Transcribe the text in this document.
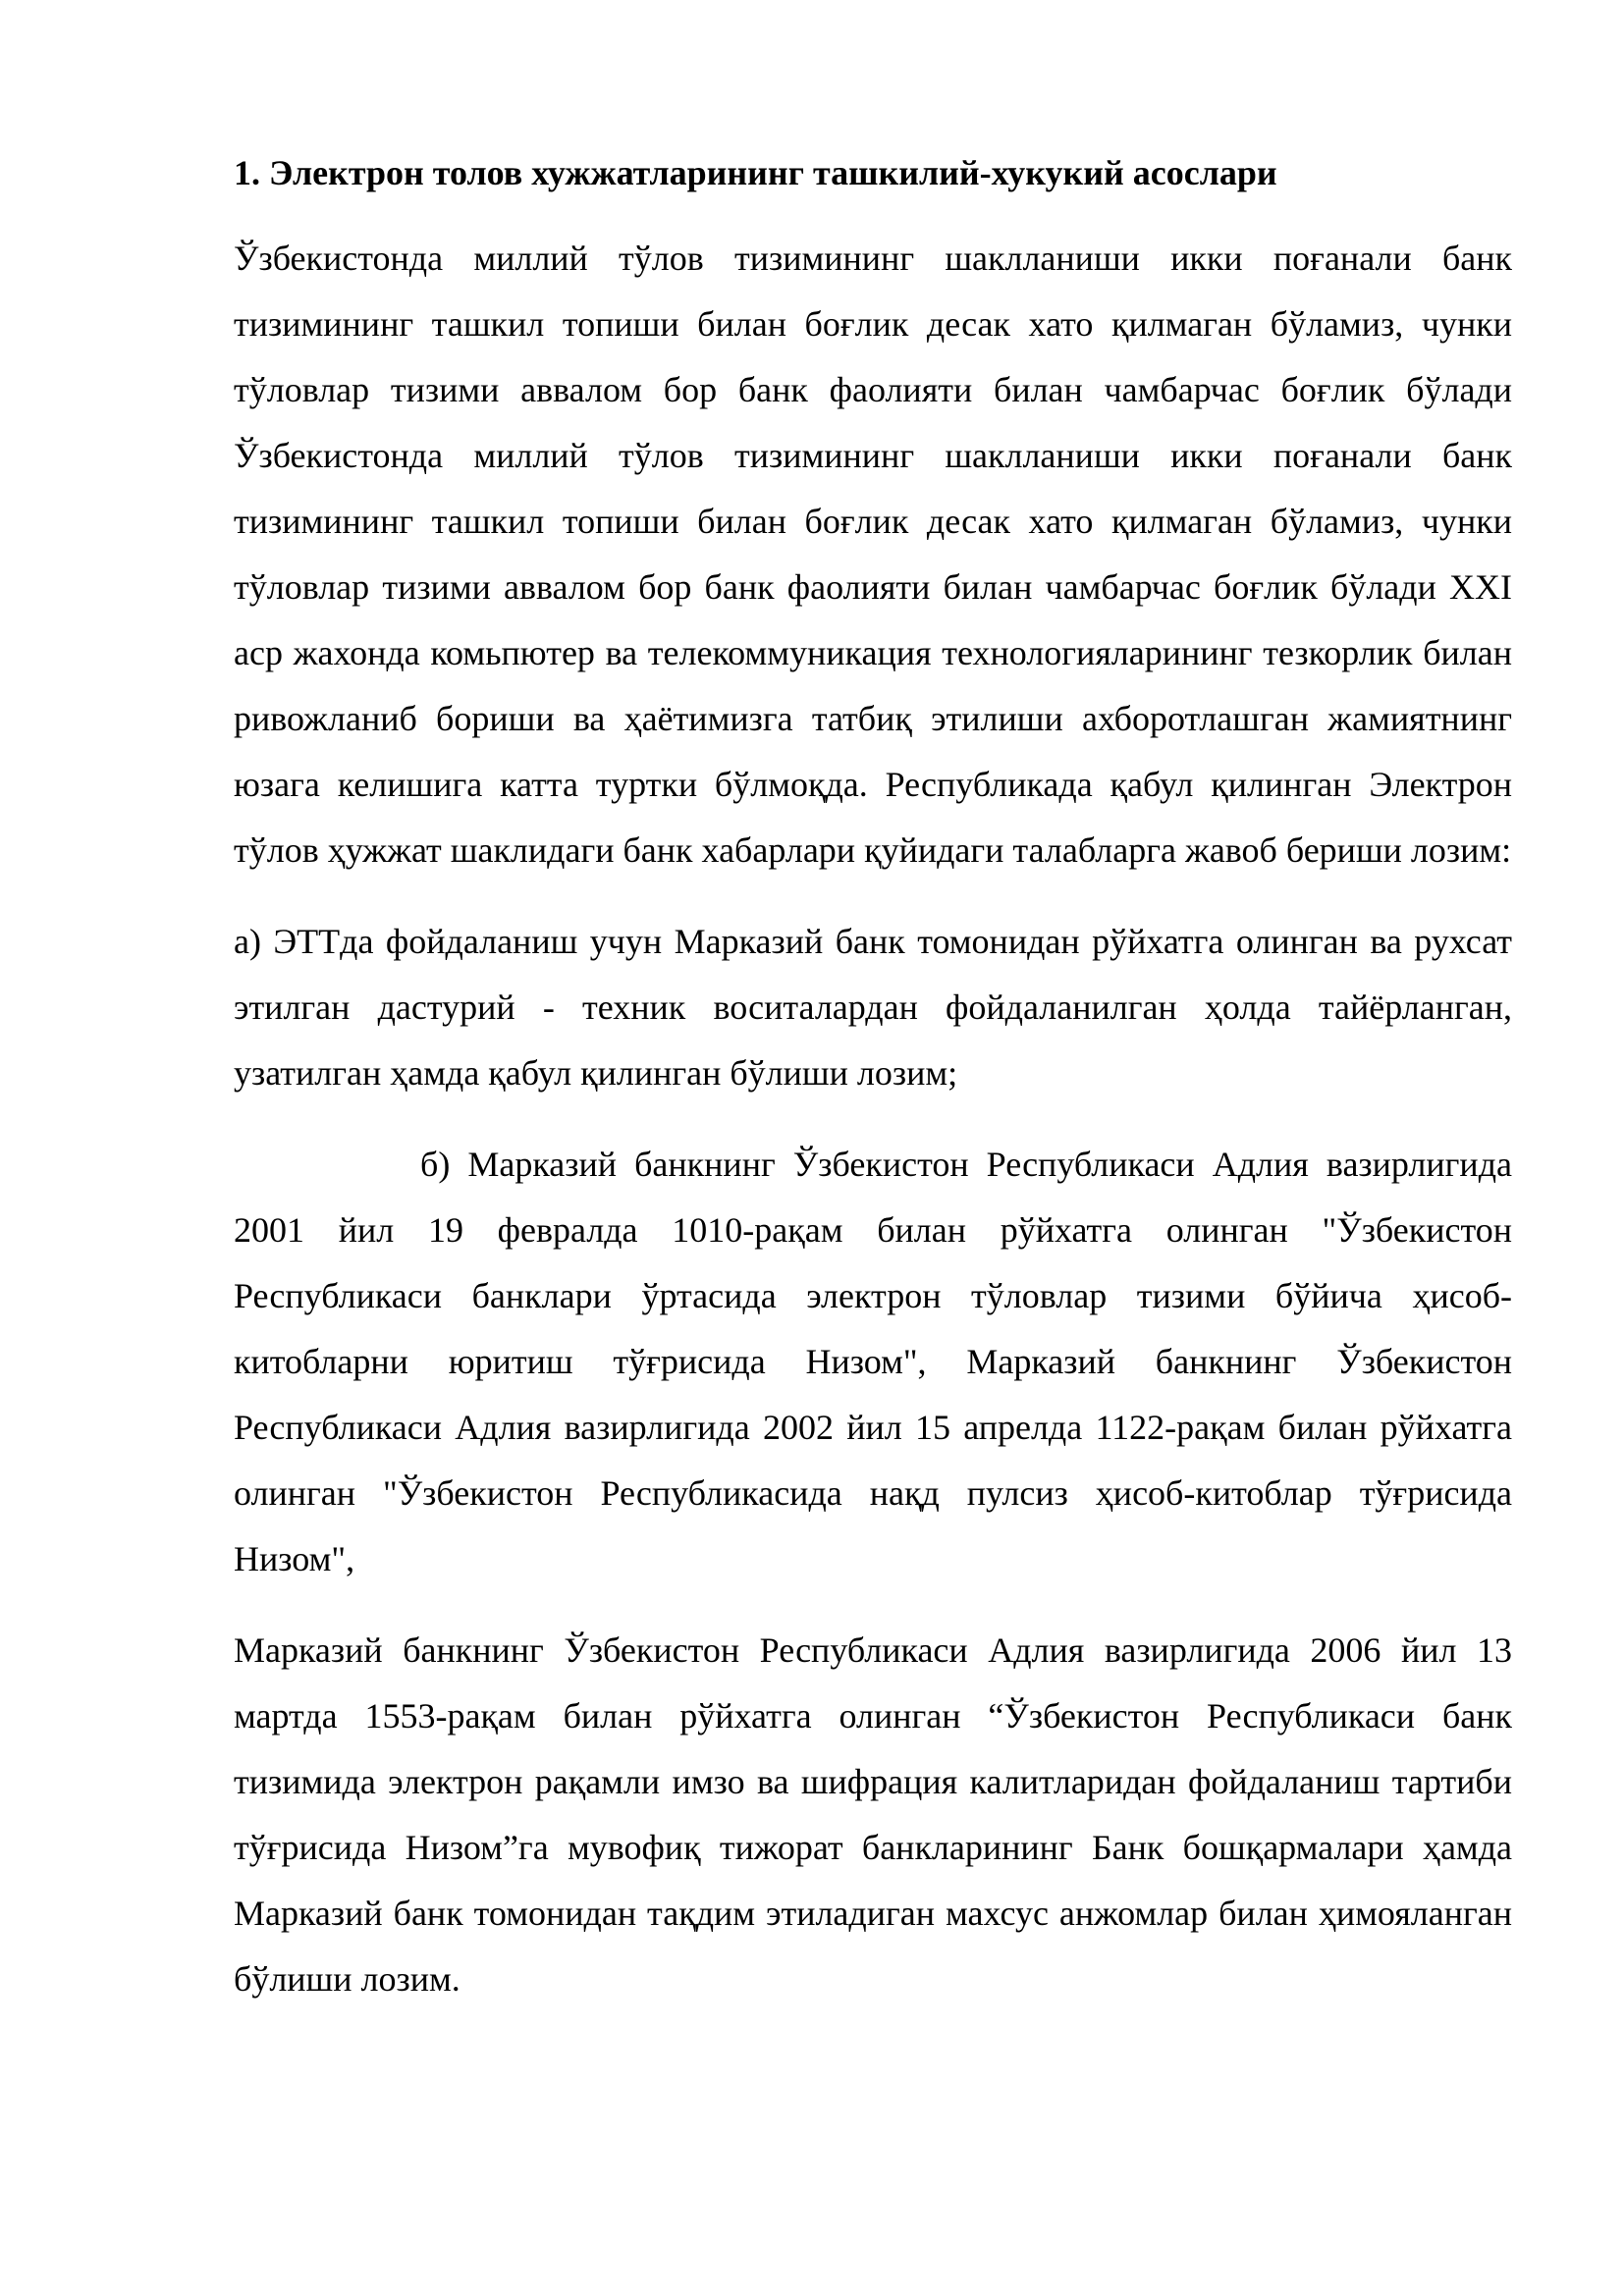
1. Электрон толов хужжатларининг ташкилий-хукукий асослари

Ўзбекистонда миллий тўлов тизимининг шаклланиши икки поғанали банк тизимининг ташкил топиши билан боғлик десак хато қилмаган бўламиз, чунки тўловлар тизими аввалом бор банк фаолияти билан чамбарчас боғлик бўлади Ўзбекистонда миллий тўлов тизимининг шаклланиши икки поғанали банк тизимининг ташкил топиши билан боғлик десак хато қилмаган бўламиз, чунки тўловлар тизими аввалом бор банк фаолияти билан чамбарчас боғлик бўлади XXI аср жахонда комьпютер ва телекоммуникация технологияларининг тезкорлик билан ривожланиб бориши ва ҳаётимизга татбиқ этилиши ахборотлашган жамиятнинг юзага келишига катта туртки бўлмоқда. Республикада қабул қилинган Электрон тўлов ҳужжат шаклидаги банк хабарлари қуйидаги талабларга жавоб бериши лозим:

а) ЭТТда фойдаланиш учун Марказий банк томонидан рўйхатга олинган ва рухсат этилган дастурий - техник воситалардан фойдаланилган ҳолда тайёрланган, узатилган ҳамда қабул қилинган бўлиши лозим;

б) Марказий банкнинг Ўзбекистон Республикаси Адлия вазирлигида 2001 йил 19 февралда 1010-рақам билан рўйхатга олинган "Ўзбекистон Республикаси банклари ўртасида электрон тўловлар тизими бўйича ҳисоб-китобларни юритиш тўғрисида Низом", Марказий банкнинг Ўзбекистон Республикаси Адлия вазирлигида 2002 йил 15 апрелда 1122-рақам билан рўйхатга олинган "Ўзбекистон Республикасида нақд пулсиз ҳисоб-китоблар тўғрисида Низом",

Марказий банкнинг Ўзбекистон Республикаси Адлия вазирлигида 2006 йил 13 мартда 1553-рақам билан рўйхатга олинган “Ўзбекистон Республикаси банк тизимида электрон рақамли имзо ва шифрация калитларидан фойдаланиш тартиби тўғрисида Низом”га мувофиқ тижорат банкларининг Банк бошқармалари ҳамда Марказий банк томонидан тақдим этиладиган махсус анжомлар билан ҳимояланган бўлиши лозим.
